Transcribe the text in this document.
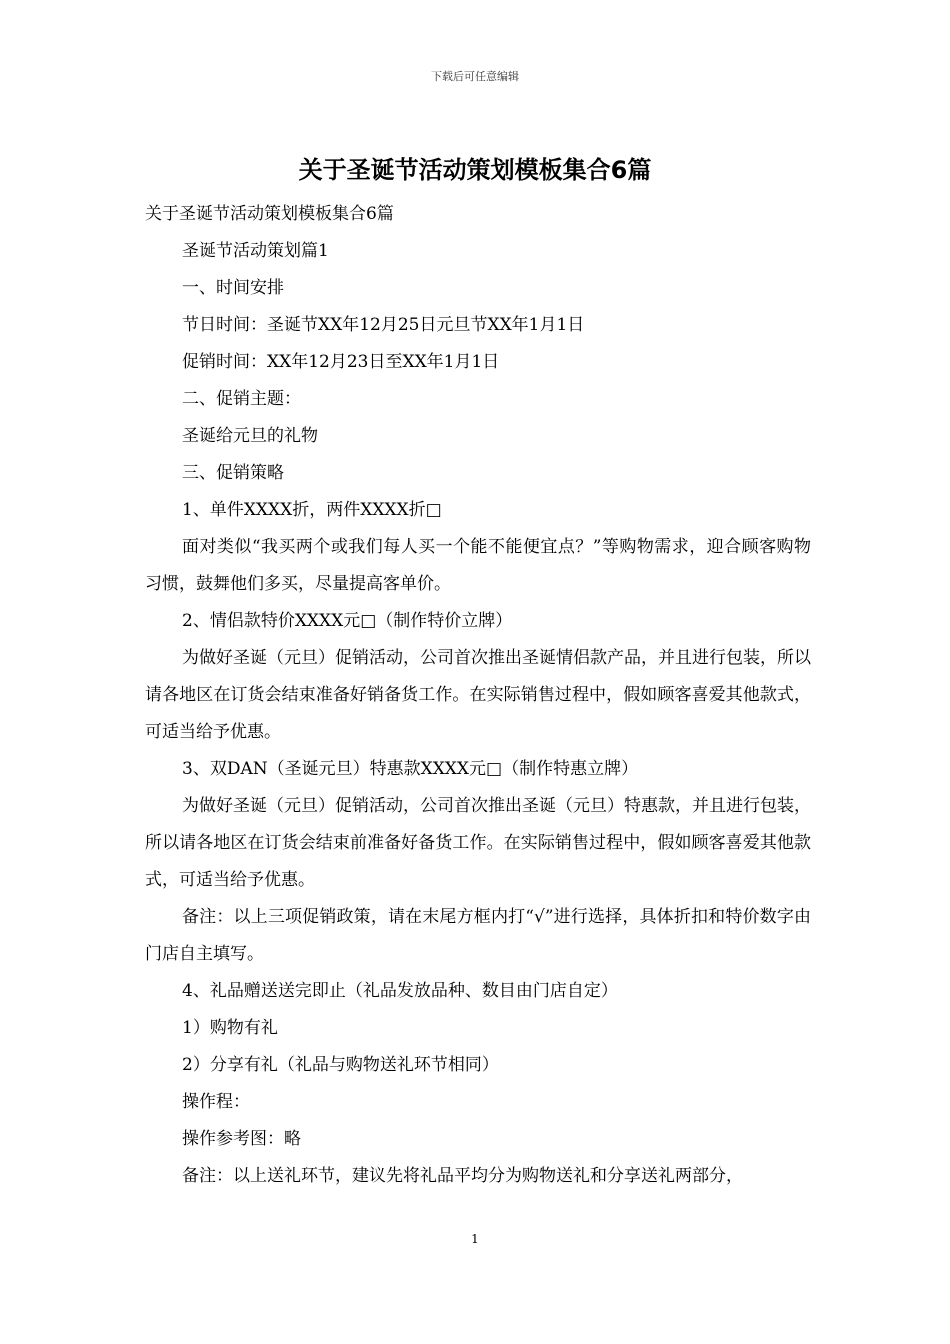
下载后可任意编辑
关于圣诞节活动策划模板集合6篇

关于圣诞节活动策划模板集合6篇

圣诞节活动策划篇1

一、时间安排

节日时间：圣诞节XX年12月25日元旦节XX年1月1日

促销时间：XX年12月23日至XX年1月1日

二、促销主题：

圣诞给元旦的礼物

三、促销策略

1、单件XXXX折，两件XXXX折□

面对类似“我买两个或我们每人买一个能不能便宜点？”等购物需求，迎合顾客购物习惯，鼓舞他们多买，尽量提高客单价。

2、情侣款特价XXXX元□（制作特价立牌）

为做好圣诞（元旦）促销活动，公司首次推出圣诞情侣款产品，并且进行包装，所以请各地区在订货会结束准备好销备货工作。在实际销售过程中，假如顾客喜爱其他款式，可适当给予优惠。

3、双DAN（圣诞元旦）特惠款XXXX元□（制作特惠立牌）

为做好圣诞（元旦）促销活动，公司首次推出圣诞（元旦）特惠款，并且进行包装，所以请各地区在订货会结束前准备好备货工作。在实际销售过程中，假如顾客喜爱其他款式，可适当给予优惠。

备注：以上三项促销政策，请在末尾方框内打“√”进行选择，具体折扣和特价数字由门店自主填写。

4、礼品赠送送完即止（礼品发放品种、数目由门店自定）

1）购物有礼

2）分享有礼（礼品与购物送礼环节相同）

操作程：

操作参考图：略

备注：以上送礼环节，建议先将礼品平均分为购物送礼和分享送礼两部分，

1
